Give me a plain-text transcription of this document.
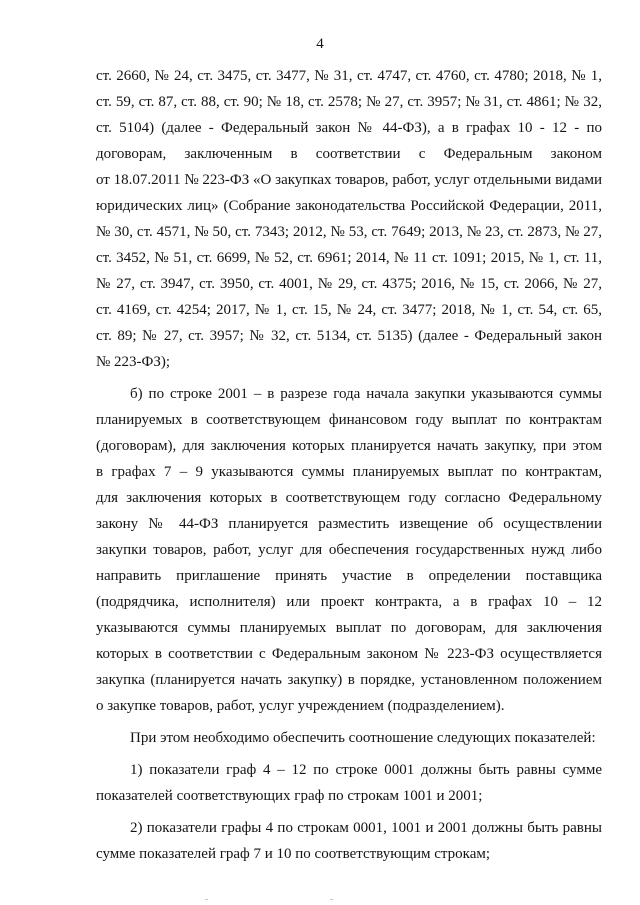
4
ст. 2660, № 24, ст. 3475, ст. 3477, № 31, ст. 4747, ст. 4760, ст. 4780; 2018, № 1,
ст. 59, ст. 87, ст. 88, ст. 90; № 18, ст. 2578; № 27, ст. 3957; № 31, ст. 4861; № 32,
ст. 5104) (далее - Федеральный закон № 44-ФЗ), а в графах 10 - 12 - по
договорам, заключенным в соответствии с Федеральным законом
от 18.07.2011 № 223-ФЗ «О закупках товаров, работ, услуг отдельными видами
юридических лиц» (Собрание законодательства Российской Федерации, 2011,
№ 30, ст. 4571, № 50, ст. 7343; 2012, № 53, ст. 7649; 2013, № 23, ст. 2873, № 27,
ст. 3452, № 51, ст. 6699, № 52, ст. 6961; 2014, № 11 ст. 1091; 2015, № 1, ст. 11,
№ 27, ст. 3947, ст. 3950, ст. 4001, № 29, ст. 4375; 2016, № 15, ст. 2066, № 27,
ст. 4169, ст. 4254; 2017, № 1, ст. 15, № 24, ст. 3477; 2018, № 1, ст. 54, ст. 65,
ст. 89; № 27, ст. 3957; № 32, ст. 5134, ст. 5135) (далее - Федеральный закон
№ 223-ФЗ);
б) по строке 2001 – в разрезе года начала закупки указываются суммы
планируемых в соответствующем финансовом году выплат по контрактам
(договорам), для заключения которых планируется начать закупку, при этом
в графах 7 – 9 указываются суммы планируемых выплат по контрактам,
для заключения которых в соответствующем году согласно Федеральному
закону № 44-ФЗ планируется разместить извещение об осуществлении
закупки товаров, работ, услуг для обеспечения государственных нужд либо
направить приглашение принять участие в определении поставщика
(подрядчика, исполнителя) или проект контракта, а в графах 10 – 12
указываются суммы планируемых выплат по договорам, для заключения
которых в соответствии с Федеральным законом № 223-ФЗ осуществляется
закупка (планируется начать закупку) в порядке, установленном положением
о закупке товаров, работ, услуг учреждением (подразделением).
При этом необходимо обеспечить соотношение следующих показателей:
1) показатели граф 4 – 12 по строке 0001 должны быть равны сумме
показателей соответствующих граф по строкам 1001 и 2001;
2) показатели графы 4 по строкам 0001, 1001 и 2001 должны быть равны
сумме показателей граф 7 и 10 по соответствующим строкам;
